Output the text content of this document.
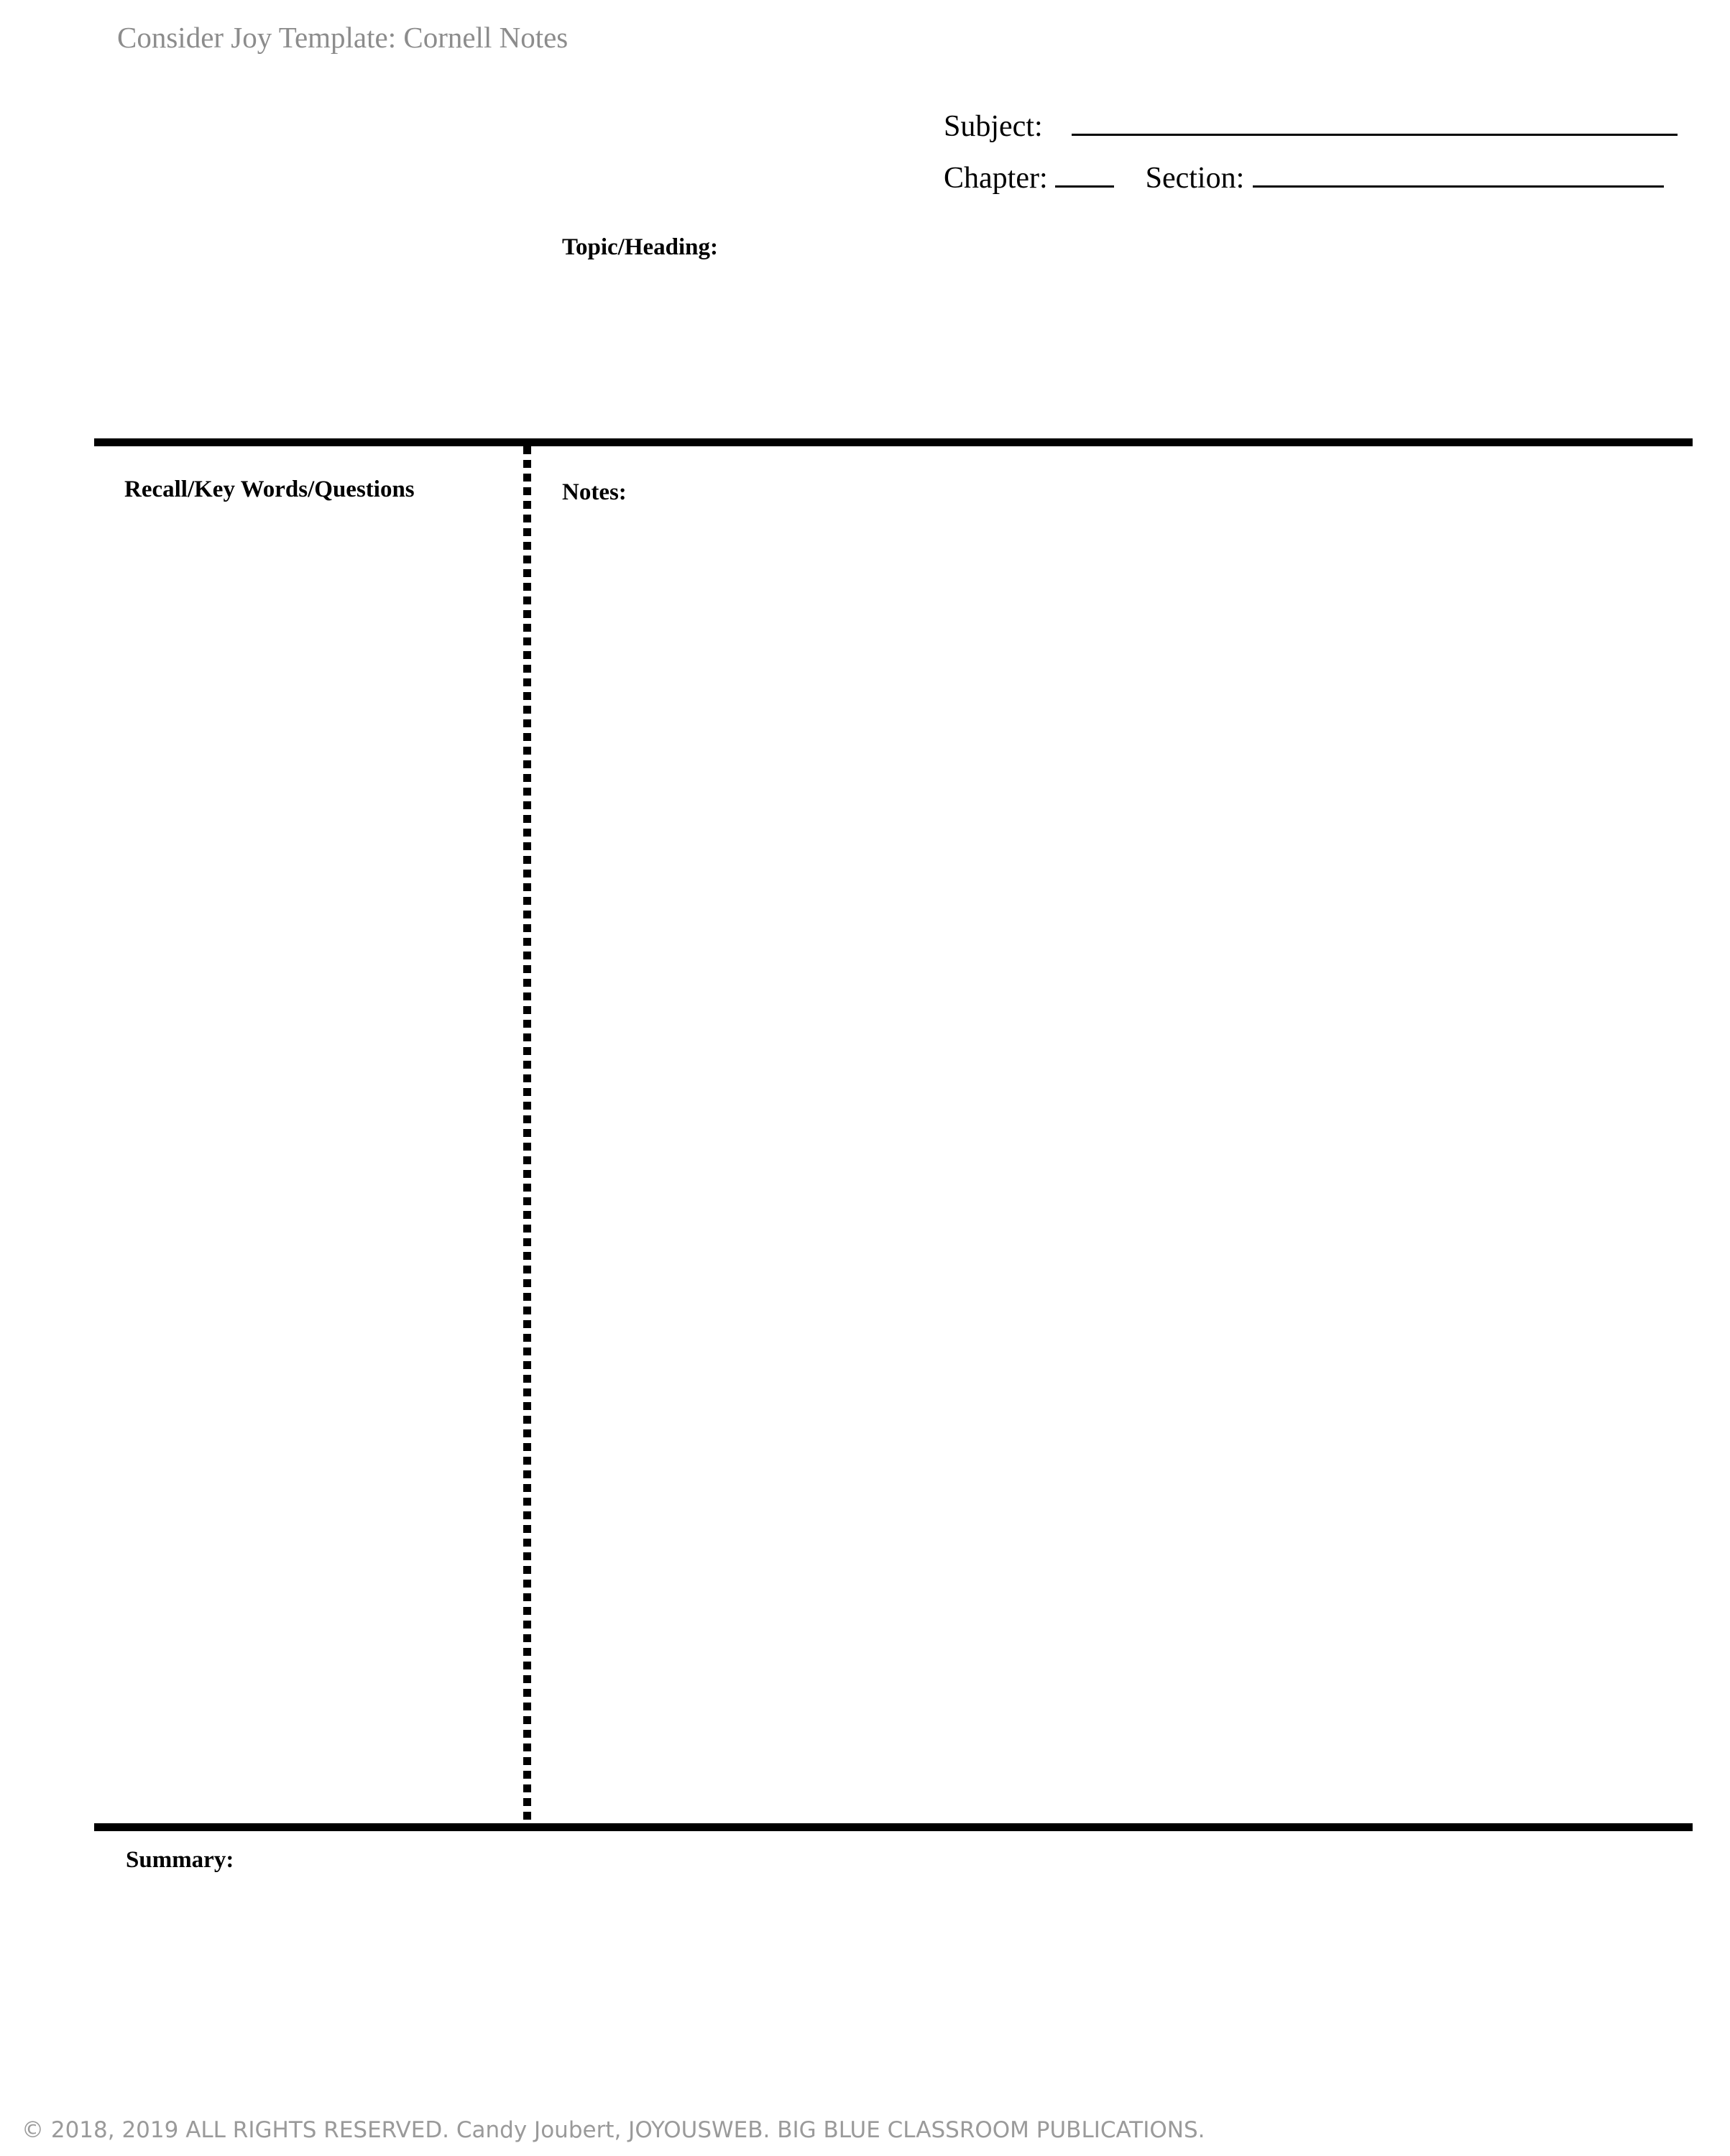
Consider Joy Template: Cornell Notes
Subject:
Chapter:	Section:
Topic/Heading:
Recall/Key Words/Questions	Notes:
Summary:
© 2018, 2019 ALL RIGHTS RESERVED. Candy Joubert, JOYOUSWEB. BIG BLUE CLASSROOM PUBLICATIONS.
